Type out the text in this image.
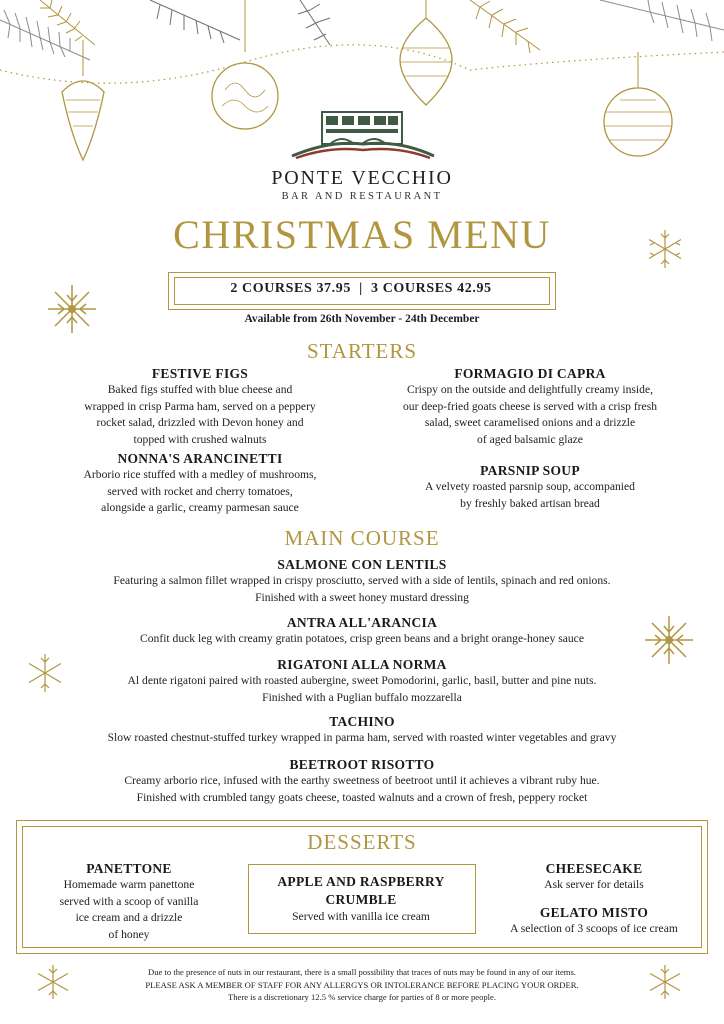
PONTE VECCHIO
BAR AND RESTAURANT
CHRISTMAS MENU
2 COURSES 37.95  |  3 COURSES 42.95
Available from 26th November - 24th December
STARTERS
FESTIVE FIGS
Baked figs stuffed with blue cheese and
wrapped in crisp Parma ham, served on a peppery
rocket salad, drizzled with Devon honey and
topped with crushed walnuts
FORMAGIO DI CAPRA
Crispy on the outside and delightfully creamy inside,
our deep-fried goats cheese is served with a crisp fresh
salad, sweet caramelised onions and a drizzle
of aged balsamic glaze
NONNA'S ARANCINETTI
Arborio rice stuffed with a medley of mushrooms,
served with rocket and cherry tomatoes,
alongside a garlic, creamy parmesan sauce
PARSNIP SOUP
A velvety roasted parsnip soup, accompanied
by freshly baked artisan bread
MAIN COURSE
SALMONE CON LENTILS
Featuring a salmon fillet wrapped in crispy prosciutto, served with a side of lentils, spinach and red onions.
Finished with a sweet honey mustard dressing
ANTRA ALL'ARANCIA
Confit duck leg with creamy gratin potatoes, crisp green beans and a bright orange-honey sauce
RIGATONI ALLA NORMA
Al dente rigatoni paired with roasted aubergine, sweet Pomodorini, garlic, basil, butter and pine nuts.
Finished with a Puglian buffalo mozzarella
TACHINO
Slow roasted chestnut-stuffed turkey wrapped in parma ham, served with roasted winter vegetables and gravy
BEETROOT RISOTTO
Creamy arborio rice, infused with the earthy sweetness of beetroot until it achieves a vibrant ruby hue.
Finished with crumbled tangy goats cheese, toasted walnuts and a crown of fresh, peppery rocket
DESSERTS
PANETTONE
Homemade warm panettone
served with a scoop of vanilla
ice cream and a drizzle
of honey
APPLE AND RASPBERRY
CRUMBLE
Served with vanilla ice cream
CHEESECAKE
Ask server for details
GELATO MISTO
A selection of 3 scoops of ice cream
Due to the presence of nuts in our restaurant, there is a small possibility that traces of nuts may be found in any of our items.
PLEASE ASK A MEMBER OF STAFF FOR ANY ALLERGYS OR INTOLERANCE BEFORE PLACING YOUR ORDER.
There is a discretionary 12.5 % service charge for parties of 8 or more people.
